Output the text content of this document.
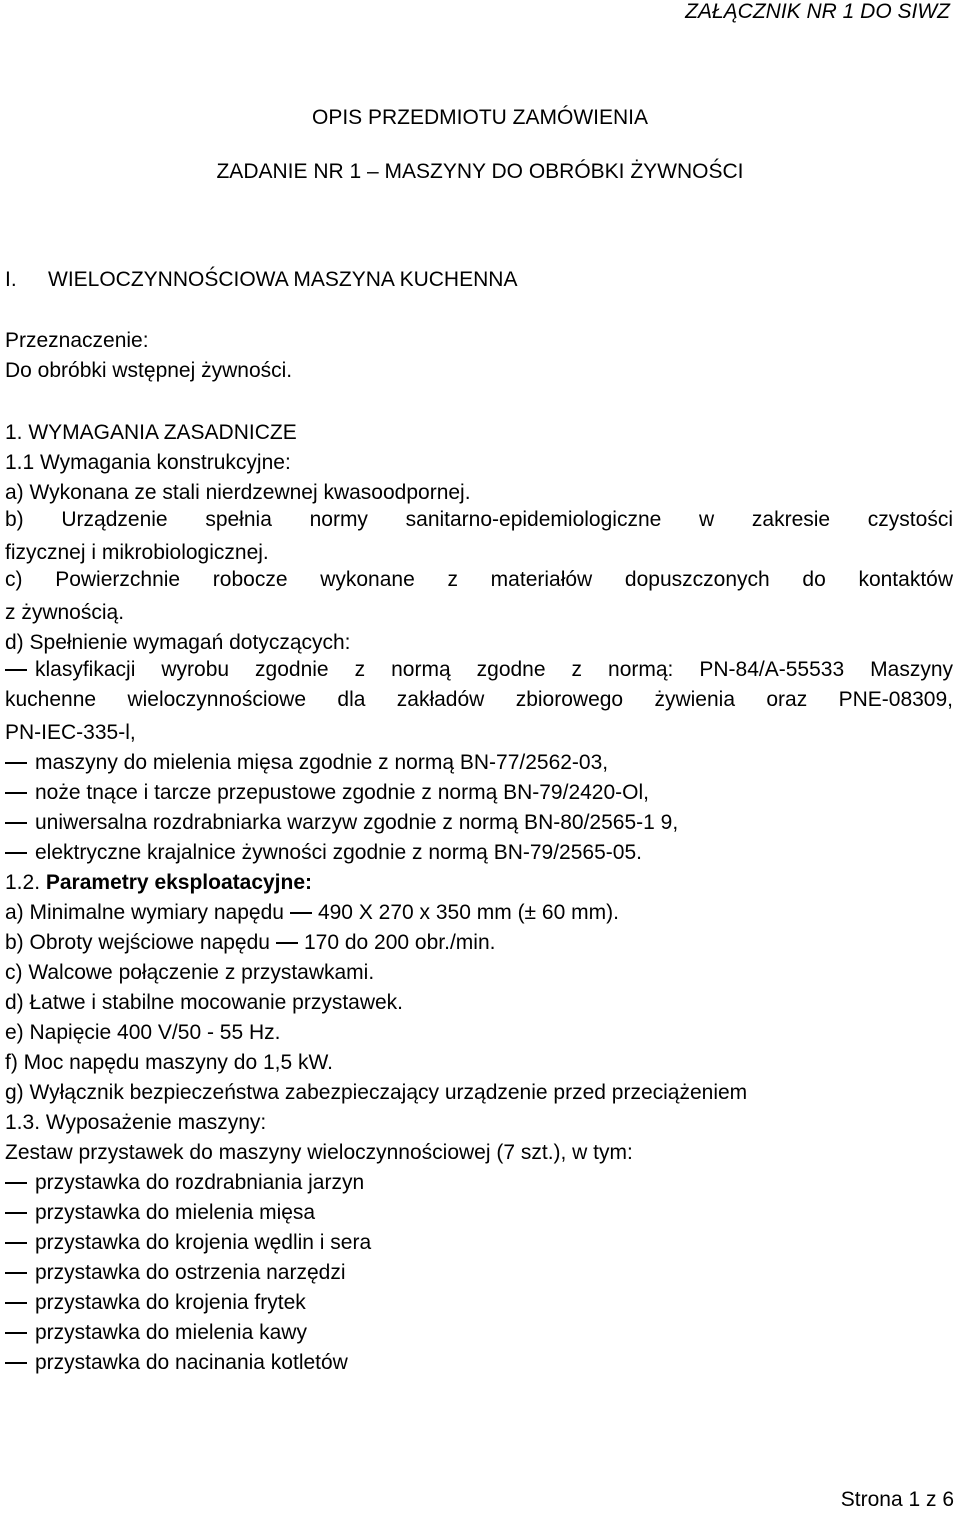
ZAŁĄCZNIK NR 1 DO SIWZ
OPIS PRZEDMIOTU ZAMÓWIENIA
ZADANIE NR 1 – MASZYNY DO OBRÓBKI ŻYWNOŚCI
I. WIELOCZYNNOŚCIOWA MASZYNA KUCHENNA
Przeznaczenie:
Do obróbki wstępnej żywności.
1. WYMAGANIA ZASADNICZE
1.1 Wymagania konstrukcyjne:
a) Wykonana ze stali nierdzewnej kwasoodpornej.
b) Urządzenie spełnia normy sanitarno-epidemiologiczne w zakresie czystości
fizycznej i mikrobiologicznej.
c) Powierzchnie robocze wykonane z materiałów dopuszczonych do kontaktów
z żywnością.
d) Spełnienie wymagań dotyczących:
klasyfikacji wyrobu zgodnie z normą zgodne z normą: PN-84/A-55533 Maszyny
kuchenne wieloczynnościowe dla zakładów zbiorowego żywienia oraz PNE-08309,
PN-IEC-335-l,
maszyny do mielenia mięsa zgodnie z normą BN-77/2562-03,
noże tnące i tarcze przepustowe zgodnie z normą BN-79/2420-Ol,
uniwersalna rozdrabniarka warzyw zgodnie z normą BN-80/2565-1 9,
elektryczne krajalnice żywności zgodnie z normą BN-79/2565-05.
1.2. Parametry eksploatacyjne:
a) Minimalne wymiary napędu 490 X 270 x 350 mm (± 60 mm).
b) Obroty wejściowe napędu 170 do 200 obr./min.
c) Walcowe połączenie z przystawkami.
d) Łatwe i stabilne mocowanie przystawek.
e) Napięcie 400 V/50 - 55 Hz.
f) Moc napędu maszyny do 1,5 kW.
g) Wyłącznik bezpieczeństwa zabezpieczający urządzenie przed przeciążeniem
1.3. Wyposażenie maszyny:
Zestaw przystawek do maszyny wieloczynnościowej (7 szt.), w tym:
przystawka do rozdrabniania jarzyn
przystawka do mielenia mięsa
przystawka do krojenia wędlin i sera
przystawka do ostrzenia narzędzi
przystawka do krojenia frytek
przystawka do mielenia kawy
przystawka do nacinania kotletów
Strona 1 z 6
